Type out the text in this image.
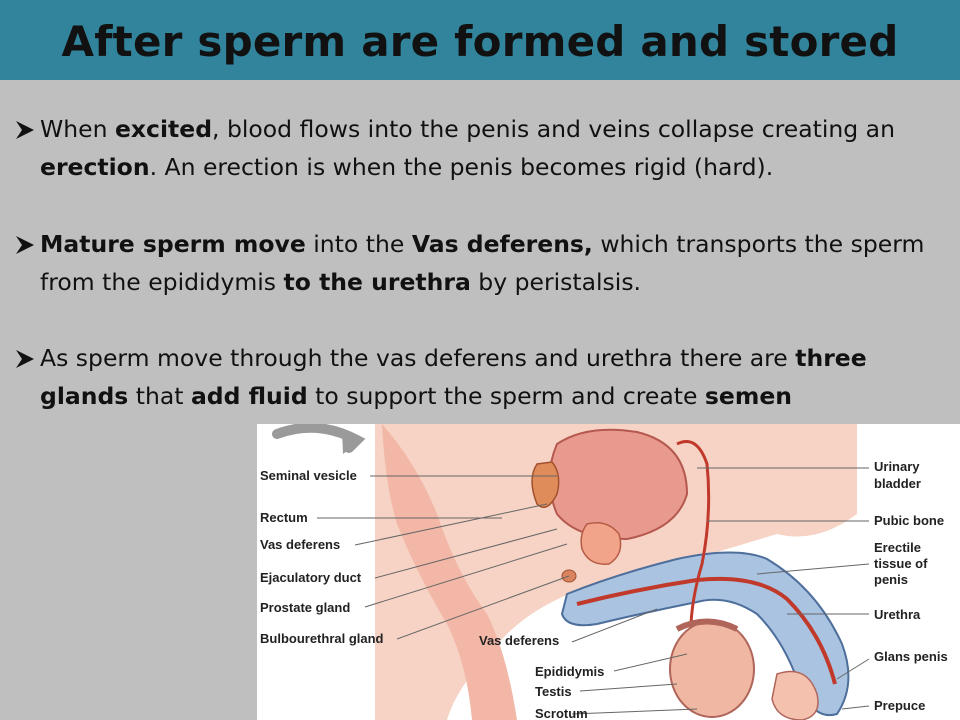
After sperm are formed and stored
When excited, blood flows into the penis and veins collapse creating an erection. An erection is when the penis becomes rigid (hard).
Mature sperm move into the Vas deferens, which transports the sperm from the epididymis to the urethra by peristalsis.
As sperm move through the vas deferens and urethra there are three glands that add fluid to support the sperm and create semen
Seminal vesicle
Rectum
Vas deferens
Ejaculatory duct
Prostate gland
Bulbourethral gland	Vas deferens
Epididymis
Testis
Scrotum
Urinary
bladder
Pubic bone
Erectile
tissue of
penis
Urethra
Glans penis
Prepuce
